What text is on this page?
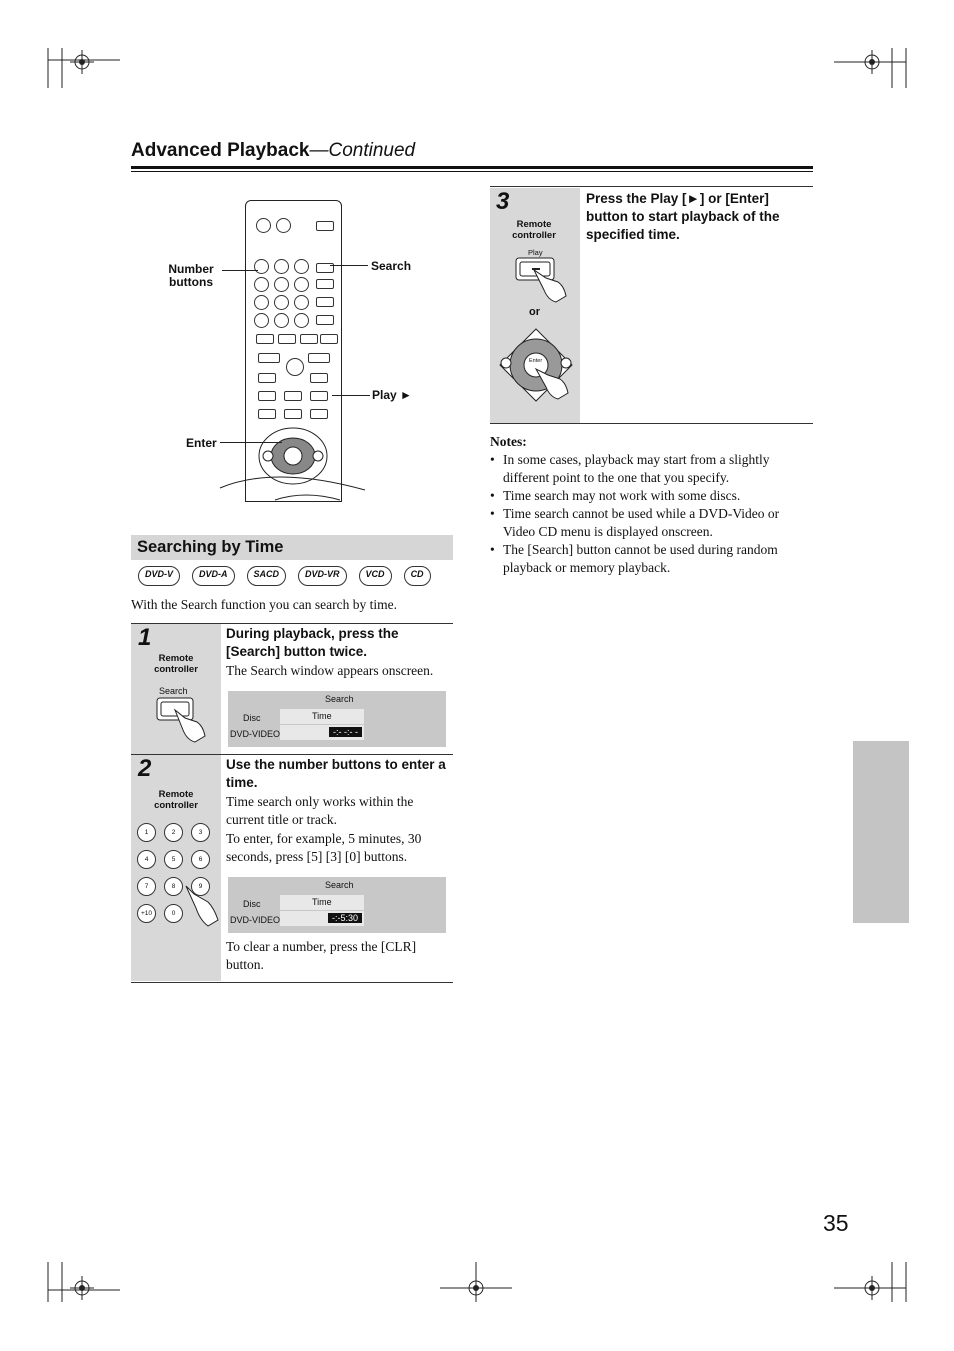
Advanced Playback—Continued
Number buttons
Search
Play ►
Enter
Searching by Time
DVD-V	DVD-A	SACD	DVD-VR	VCD	CD
With the Search function you can search by time.
1
Remote controller
Search
During playback, press the [Search] button twice.
The Search window appears onscreen.
Search
Disc	Time
DVD-VIDEO	-:- -:- -
2
Remote controller
1	2	3
4	5	6
7	8	9
+10	0
Use the number buttons to enter a time.
Time search only works within the current title or track.
To enter, for example, 5 minutes, 30 seconds, press [5] [3] [0] buttons.
Search
Disc	Time
DVD-VIDEO	-:-5:30
To clear a number, press the [CLR] button.
3
Remote controller
Play
or
Enter
Press the Play [►] or [Enter] button to start playback of the specified time.
Notes:
• In some cases, playback may start from a slightly different point to the one that you specify.
• Time search may not work with some discs.
• Time search cannot be used while a DVD-Video or Video CD menu is displayed onscreen.
• The [Search] button cannot be used during random playback or memory playback.
35
